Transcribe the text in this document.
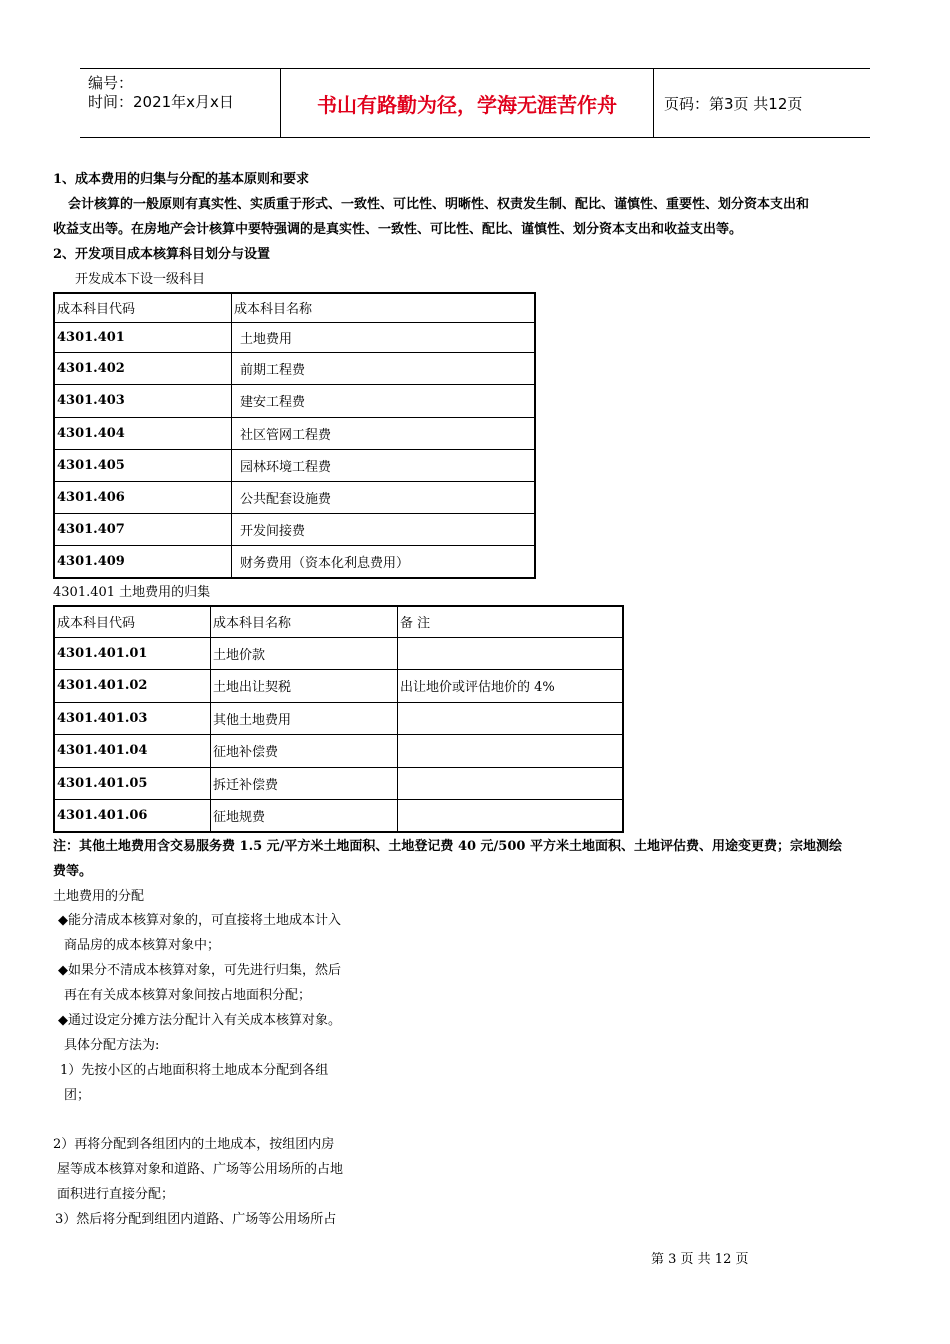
编号：
时间：2021年x月x日	书山有路勤为径，学海无涯苦作舟	页码：第3页 共12页
1、成本费用的归集与分配的基本原则和要求
会计核算的一般原则有真实性、实质重于形式、一致性、可比性、明晰性、权责发生制、配比、谨慎性、重要性、划分资本支出和
收益支出等。在房地产会计核算中要特强调的是真实性、一致性、可比性、配比、谨慎性、划分资本支出和收益支出等。
2、开发项目成本核算科目划分与设置
开发成本下设一级科目
成本科目代码	成本科目名称
4301.401	土地费用
4301.402	前期工程费
4301.403	建安工程费
4301.404	社区管网工程费
4301.405	园林环境工程费
4301.406	公共配套设施费
4301.407	开发间接费
4301.409	财务费用（资本化利息费用）
4301.401 土地费用的归集
成本科目代码	成本科目名称	备 注
4301.401.01	土地价款	
4301.401.02	土地出让契税	出让地价或评估地价的 4%
4301.401.03	其他土地费用	
4301.401.04	征地补偿费	
4301.401.05	拆迁补偿费	
4301.401.06	征地规费	
注：其他土地费用含交易服务费 1.5 元/平方米土地面积、土地登记费 40 元/500 平方米土地面积、土地评估费、用途变更费；宗地测绘
费等。
土地费用的分配
◆能分清成本核算对象的，可直接将土地成本计入
商品房的成本核算对象中；
◆如果分不清成本核算对象，可先进行归集，然后
再在有关成本核算对象间按占地面积分配；
◆通过设定分摊方法分配计入有关成本核算对象。
具体分配方法为:
1）先按小区的占地面积将土地成本分配到各组
团；
2）再将分配到各组团内的土地成本，按组团内房
屋等成本核算对象和道路、广场等公用场所的占地
面积进行直接分配；
3）然后将分配到组团内道路、广场等公用场所占
第 3 页 共 12 页
